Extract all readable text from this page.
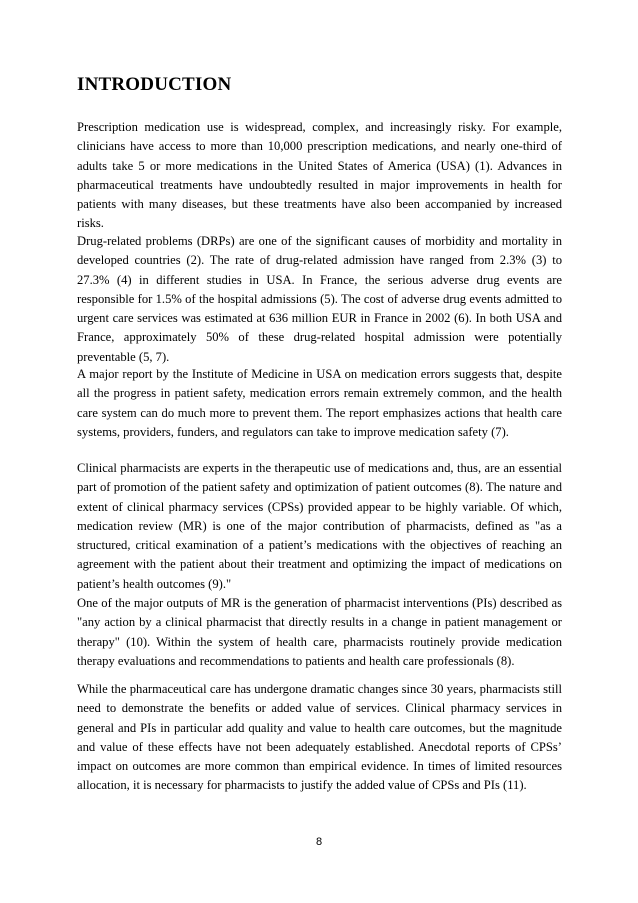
INTRODUCTION

Prescription medication use is widespread, complex, and increasingly risky. For example, clinicians have access to more than 10,000 prescription medications, and nearly one-third of adults take 5 or more medications in the United States of America (USA) (1). Advances in pharmaceutical treatments have undoubtedly resulted in major improvements in health for patients with many diseases, but these treatments have also been accompanied by increased risks.

Drug-related problems (DRPs) are one of the significant causes of morbidity and mortality in developed countries (2). The rate of drug-related admission have ranged from 2.3% (3) to 27.3% (4) in different studies in USA. In France, the serious adverse drug events are responsible for 1.5% of the hospital admissions (5). The cost of adverse drug events admitted to urgent care services was estimated at 636 million EUR in France in 2002 (6). In both USA and France, approximately 50% of these drug-related hospital admission were potentially preventable (5, 7).

A major report by the Institute of Medicine in USA on medication errors suggests that, despite all the progress in patient safety, medication errors remain extremely common, and the health care system can do much more to prevent them. The report emphasizes actions that health care systems, providers, funders, and regulators can take to improve medication safety (7).

Clinical pharmacists are experts in the therapeutic use of medications and, thus, are an essential part of promotion of the patient safety and optimization of patient outcomes (8). The nature and extent of clinical pharmacy services (CPSs) provided appear to be highly variable. Of which, medication review (MR) is one of the major contribution of pharmacists, defined as "as a structured, critical examination of a patient’s medications with the objectives of reaching an agreement with the patient about their treatment and optimizing the impact of medications on patient’s health outcomes (9)."

One of the major outputs of MR is the generation of pharmacist interventions (PIs) described as "any action by a clinical pharmacist that directly results in a change in patient management or therapy" (10). Within the system of health care, pharmacists routinely provide medication therapy evaluations and recommendations to patients and health care professionals (8).

While the pharmaceutical care has undergone dramatic changes since 30 years, pharmacists still need to demonstrate the benefits or added value of services. Clinical pharmacy services in general and PIs in particular add quality and value to health care outcomes, but the magnitude and value of these effects have not been adequately established. Anecdotal reports of CPSs’ impact on outcomes are more common than empirical evidence. In times of limited resources allocation, it is necessary for pharmacists to justify the added value of CPSs and PIs (11).

8
